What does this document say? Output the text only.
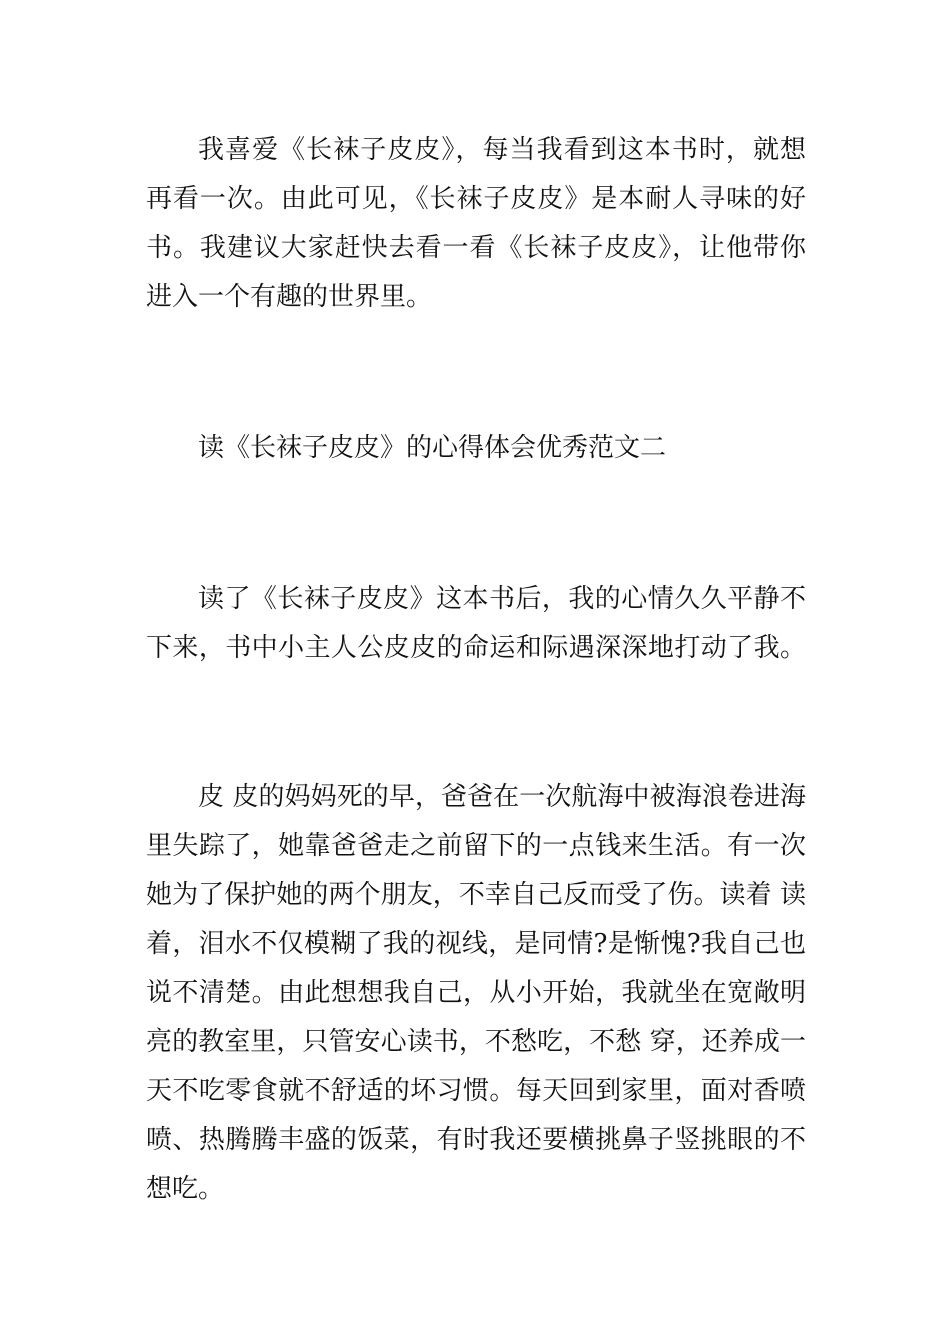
我喜爱《长袜子皮皮》，每当我看到这本书时，就想
再看一次。由此可见，《长袜子皮皮》是本耐人寻味的好
书。我建议大家赶快去看一看《长袜子皮皮》，让他带你
进入一个有趣的世界里。
读《长袜子皮皮》的心得体会优秀范文二
读了《长袜子皮皮》这本书后，我的心情久久平静不
下来，书中小主人公皮皮的命运和际遇深深地打动了我。
皮 皮的妈妈死的早，爸爸在一次航海中被海浪卷进海
里失踪了，她靠爸爸走之前留下的一点钱来生活。有一次
她为了保护她的两个朋友，不幸自己反而受了伤。读着 读
着，泪水不仅模糊了我的视线，是同情?是惭愧?我自己也
说不清楚。由此想想我自己，从小开始，我就坐在宽敞明
亮的教室里，只管安心读书，不愁吃，不愁 穿，还养成一
天不吃零食就不舒适的坏习惯。每天回到家里，面对香喷
喷、热腾腾丰盛的饭菜，有时我还要横挑鼻子竖挑眼的不
想吃。
